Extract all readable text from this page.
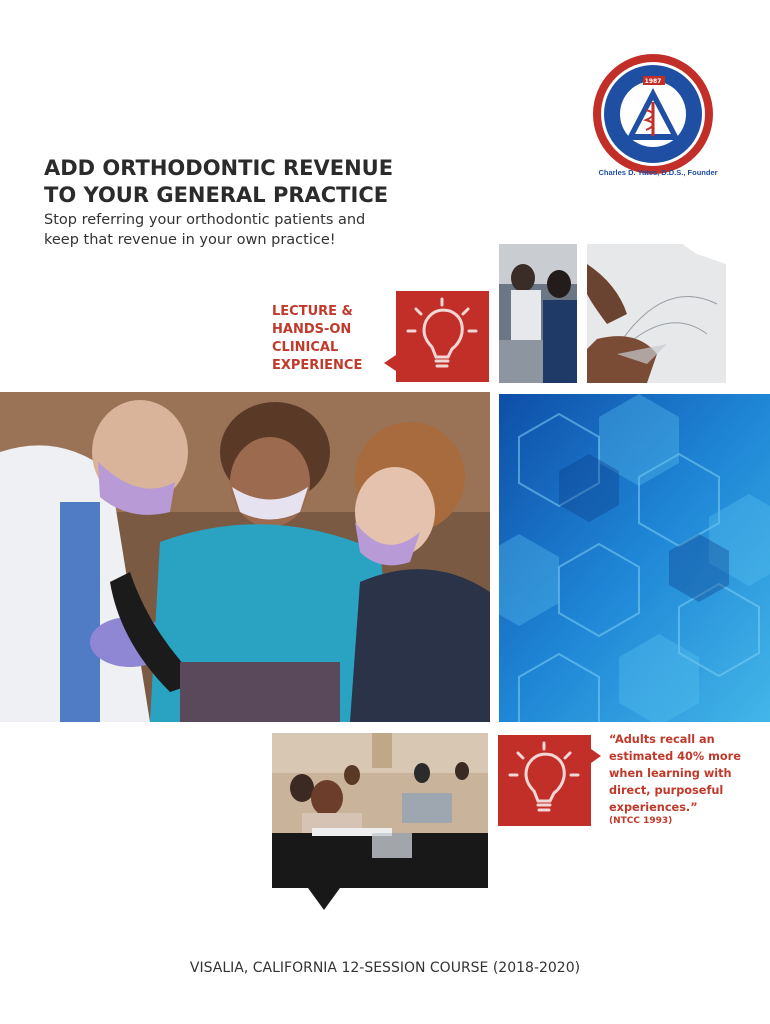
1987
Charles D. Yates, D.D.S., Founder
ADD ORTHODONTIC REVENUE
TO YOUR GENERAL PRACTICE

Stop referring your orthodontic patients and
keep that revenue in your own practice!

LECTURE &
HANDS-ON
CLINICAL
EXPERIENCE

“Adults recall an
estimated 40% more
when learning with
direct, purposeful
experiences.”
(NTCC 1993)
VISALIA, CALIFORNIA 12-SESSION COURSE (2018-2020)
